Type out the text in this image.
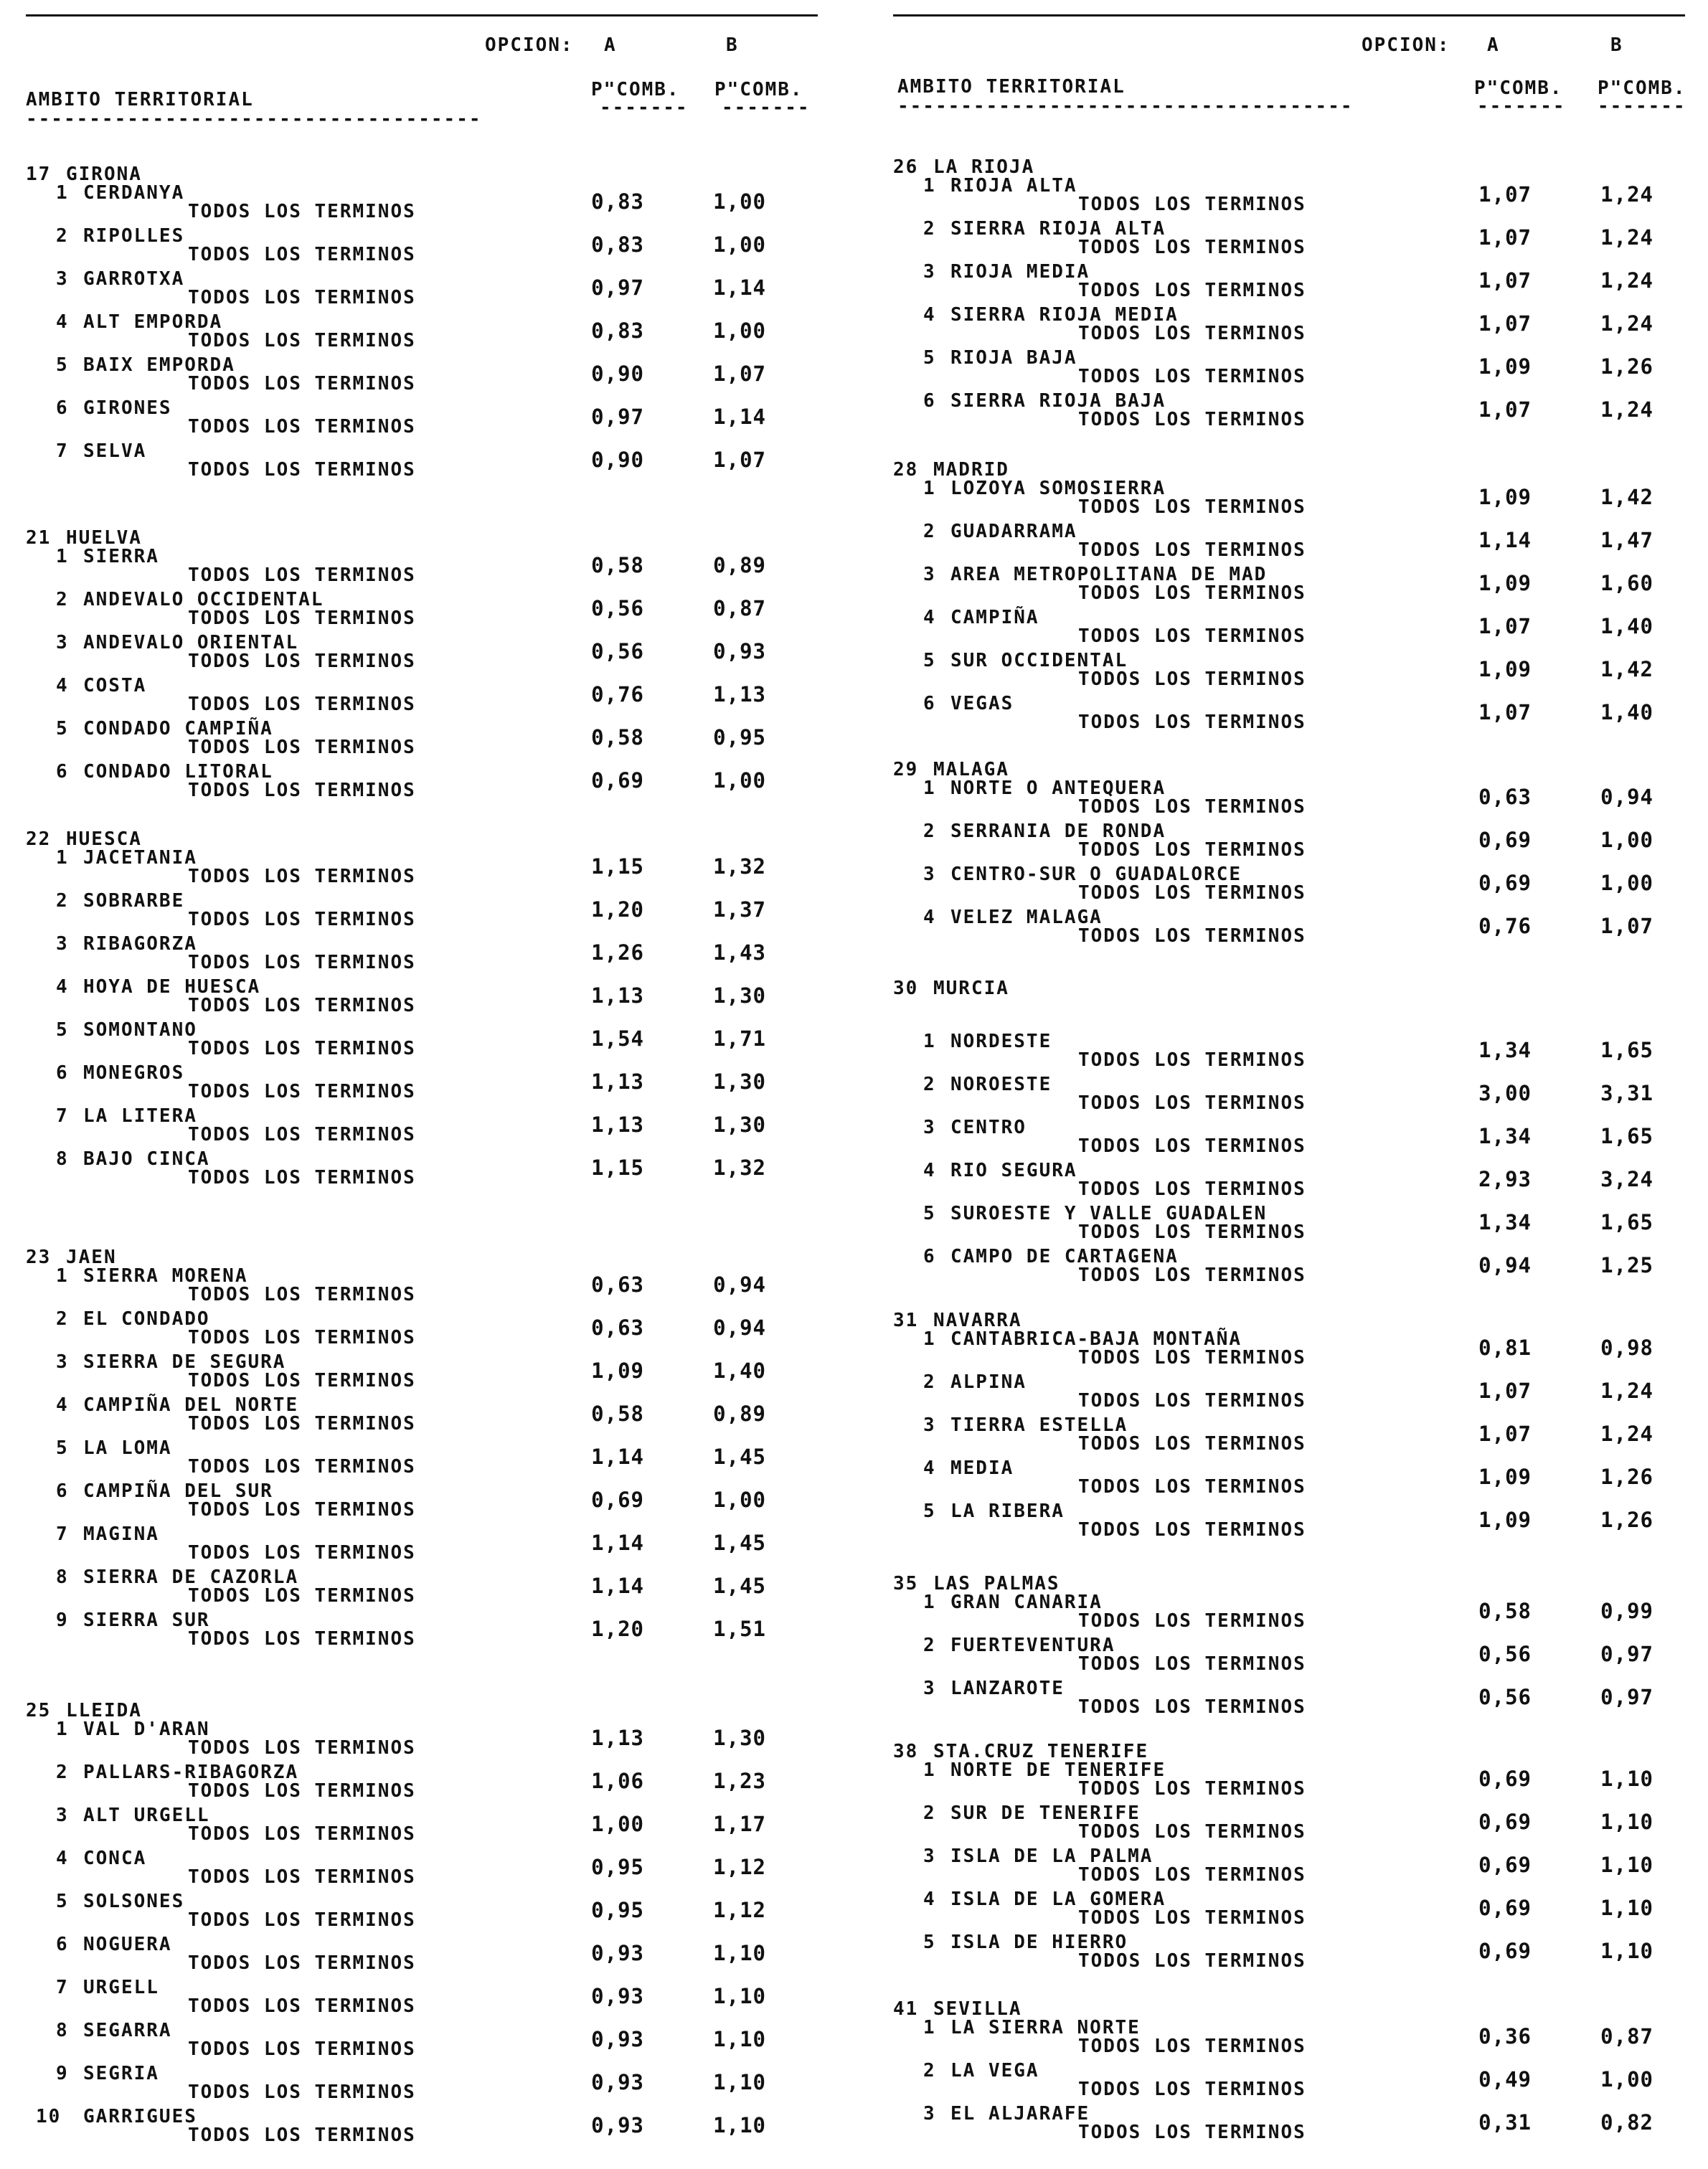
OPCION: A	B
AMBITO TERRITORIAL
------------------------------------
P"COMB. P"COMB.
------- -------
17 GIRONA
1 CERDANYA
TODOS LOS TERMINOS	0,83	1,00
2 RIPOLLES
TODOS LOS TERMINOS	0,83	1,00
3 GARROTXA
TODOS LOS TERMINOS	0,97	1,14
4 ALT EMPORDA
TODOS LOS TERMINOS	0,83	1,00
5 BAIX EMPORDA
TODOS LOS TERMINOS	0,90	1,07
6 GIRONES
TODOS LOS TERMINOS	0,97	1,14
7 SELVA
TODOS LOS TERMINOS	0,90	1,07
21 HUELVA
1 SIERRA
TODOS LOS TERMINOS	0,58	0,89
2 ANDEVALO OCCIDENTAL
TODOS LOS TERMINOS	0,56	0,87
3 ANDEVALO ORIENTAL
TODOS LOS TERMINOS	0,56	0,93
4 COSTA
TODOS LOS TERMINOS	0,76	1,13
5 CONDADO CAMPIÑA
TODOS LOS TERMINOS	0,58	0,95
6 CONDADO LITORAL
TODOS LOS TERMINOS	0,69	1,00
22 HUESCA
1 JACETANIA
TODOS LOS TERMINOS	1,15	1,32
2 SOBRARBE
TODOS LOS TERMINOS	1,20	1,37
3 RIBAGORZA
TODOS LOS TERMINOS	1,26	1,43
4 HOYA DE HUESCA
TODOS LOS TERMINOS	1,13	1,30
5 SOMONTANO
TODOS LOS TERMINOS	1,54	1,71
6 MONEGROS
TODOS LOS TERMINOS	1,13	1,30
7 LA LITERA
TODOS LOS TERMINOS	1,13	1,30
8 BAJO CINCA
TODOS LOS TERMINOS	1,15	1,32
23 JAEN
1 SIERRA MORENA
TODOS LOS TERMINOS	0,63	0,94
2 EL CONDADO
TODOS LOS TERMINOS	0,63	0,94
3 SIERRA DE SEGURA
TODOS LOS TERMINOS	1,09	1,40
4 CAMPIÑA DEL NORTE
TODOS LOS TERMINOS	0,58	0,89
5 LA LOMA
TODOS LOS TERMINOS	1,14	1,45
6 CAMPIÑA DEL SUR
TODOS LOS TERMINOS	0,69	1,00
7 MAGINA
TODOS LOS TERMINOS	1,14	1,45
8 SIERRA DE CAZORLA
TODOS LOS TERMINOS	1,14	1,45
9 SIERRA SUR
TODOS LOS TERMINOS	1,20	1,51
25 LLEIDA
1 VAL D'ARAN
TODOS LOS TERMINOS	1,13	1,30
2 PALLARS-RIBAGORZA
TODOS LOS TERMINOS	1,06	1,23
3 ALT URGELL
TODOS LOS TERMINOS	1,00	1,17
4 CONCA
TODOS LOS TERMINOS	0,95	1,12
5 SOLSONES
TODOS LOS TERMINOS	0,95	1,12
6 NOGUERA
TODOS LOS TERMINOS	0,93	1,10
7 URGELL
TODOS LOS TERMINOS	0,93	1,10
8 SEGARRA
TODOS LOS TERMINOS	0,93	1,10
9 SEGRIA
TODOS LOS TERMINOS	0,93	1,10
10 GARRIGUES
TODOS LOS TERMINOS	0,93	1,10
OPCION: A	B
AMBITO TERRITORIAL
------------------------------------
P"COMB. P"COMB.
------- -------
26 LA RIOJA
1 RIOJA ALTA
TODOS LOS TERMINOS	1,07	1,24
2 SIERRA RIOJA ALTA
TODOS LOS TERMINOS	1,07	1,24
3 RIOJA MEDIA
TODOS LOS TERMINOS	1,07	1,24
4 SIERRA RIOJA MEDIA
TODOS LOS TERMINOS	1,07	1,24
5 RIOJA BAJA
TODOS LOS TERMINOS	1,09	1,26
6 SIERRA RIOJA BAJA
TODOS LOS TERMINOS	1,07	1,24
28 MADRID
1 LOZOYA SOMOSIERRA
TODOS LOS TERMINOS	1,09	1,42
2 GUADARRAMA
TODOS LOS TERMINOS	1,14	1,47
3 AREA METROPOLITANA DE MAD
TODOS LOS TERMINOS	1,09	1,60
4 CAMPIÑA
TODOS LOS TERMINOS	1,07	1,40
5 SUR OCCIDENTAL
TODOS LOS TERMINOS	1,09	1,42
6 VEGAS
TODOS LOS TERMINOS	1,07	1,40
29 MALAGA
1 NORTE O ANTEQUERA
TODOS LOS TERMINOS	0,63	0,94
2 SERRANIA DE RONDA
TODOS LOS TERMINOS	0,69	1,00
3 CENTRO-SUR O GUADALORCE
TODOS LOS TERMINOS	0,69	1,00
4 VELEZ MALAGA
TODOS LOS TERMINOS	0,76	1,07
30 MURCIA
1 NORDESTE
TODOS LOS TERMINOS	1,34	1,65
2 NOROESTE
TODOS LOS TERMINOS	3,00	3,31
3 CENTRO
TODOS LOS TERMINOS	1,34	1,65
4 RIO SEGURA
TODOS LOS TERMINOS	2,93	3,24
5 SUROESTE Y VALLE GUADALEN
TODOS LOS TERMINOS	1,34	1,65
6 CAMPO DE CARTAGENA
TODOS LOS TERMINOS	0,94	1,25
31 NAVARRA
1 CANTABRICA-BAJA MONTAÑA
TODOS LOS TERMINOS	0,81	0,98
2 ALPINA
TODOS LOS TERMINOS	1,07	1,24
3 TIERRA ESTELLA
TODOS LOS TERMINOS	1,07	1,24
4 MEDIA
TODOS LOS TERMINOS	1,09	1,26
5 LA RIBERA
TODOS LOS TERMINOS	1,09	1,26
35 LAS PALMAS
1 GRAN CANARIA
TODOS LOS TERMINOS	0,58	0,99
2 FUERTEVENTURA
TODOS LOS TERMINOS	0,56	0,97
3 LANZAROTE
TODOS LOS TERMINOS	0,56	0,97
38 STA.CRUZ TENERIFE
1 NORTE DE TENERIFE
TODOS LOS TERMINOS	0,69	1,10
2 SUR DE TENERIFE
TODOS LOS TERMINOS	0,69	1,10
3 ISLA DE LA PALMA
TODOS LOS TERMINOS	0,69	1,10
4 ISLA DE LA GOMERA
TODOS LOS TERMINOS	0,69	1,10
5 ISLA DE HIERRO
TODOS LOS TERMINOS	0,69	1,10
41 SEVILLA
1 LA SIERRA NORTE
TODOS LOS TERMINOS	0,36	0,87
2 LA VEGA
TODOS LOS TERMINOS	0,49	1,00
3 EL ALJARAFE
TODOS LOS TERMINOS	0,31	0,82
